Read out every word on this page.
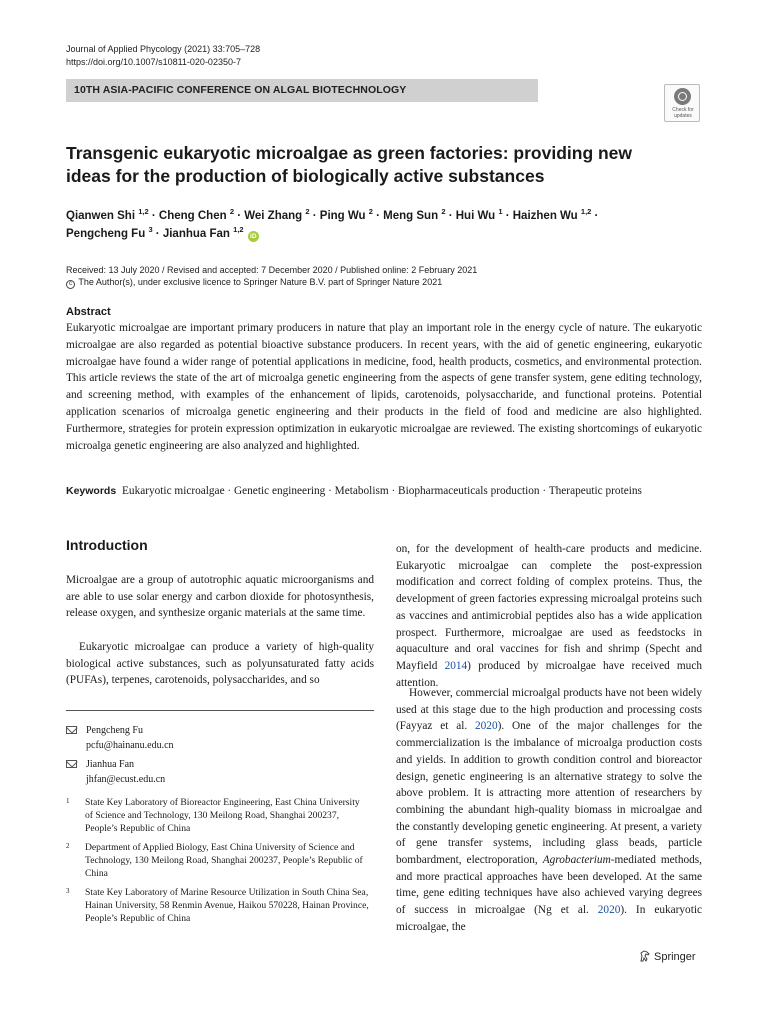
Journal of Applied Phycology (2021) 33:705–728
https://doi.org/10.1007/s10811-020-02350-7
10TH ASIA-PACIFIC CONFERENCE ON ALGAL BIOTECHNOLOGY
Check for updates
Transgenic eukaryotic microalgae as green factories: providing new ideas for the production of biologically active substances
Qianwen Shi $^{1,2}$ · Cheng Chen $^2$ · Wei Zhang $^2$ · Ping Wu $^2$ · Meng Sun $^2$ · Hui Wu $^1$ · Haizhen Wu $^{1,2}$ ·
Pengcheng Fu $^3$ · Jianhua Fan $^{1,2}$ iD
Received: 13 July 2020 / Revised and accepted: 7 December 2020 / Published online: 2 February 2021
c The Author(s), under exclusive licence to Springer Nature B.V. part of Springer Nature 2021
Abstract

Eukaryotic microalgae are important primary producers in nature that play an important role in the energy cycle of nature. The eukaryotic microalgae are also regarded as potential bioactive substance producers. In recent years, with the aid of genetic engineering, eukaryotic microalgae have found a wider range of potential applications in medicine, food, health products, cosmetics, and environmental protection. This article reviews the state of the art of microalga genetic engineering from the aspects of gene transfer system, gene editing technology, and screening method, with examples of the enhancement of lipids, carotenoids, polysaccharide, and functional proteins. Potential application scenarios of microalga genetic engineering and their products in the field of food and medicine are also highlighted. Furthermore, strategies for protein expression optimization in eukaryotic microalgae are reviewed. The existing shortcomings of eukaryotic microalga genetic engineering are also analyzed and highlighted.

Keywords Eukaryotic microalgae · Genetic engineering · Metabolism · Biopharmaceuticals production · Therapeutic proteins
Introduction

Microalgae are a group of autotrophic aquatic microorganisms and are able to use solar energy and carbon dioxide for photosynthesis, release oxygen, and synthesize organic materials at the same time.

Eukaryotic microalgae can produce a variety of high-quality biological active substances, such as polyunsaturated fatty acids (PUFAs), terpenes, carotenoids, polysaccharides, and so

Pengcheng Fu
pcfu@hainanu.edu.cn
Jianhua Fan
jhfan@ecust.edu.cn
1 State Key Laboratory of Bioreactor Engineering, East China University of Science and Technology, 130 Meilong Road, Shanghai 200237, People’s Republic of China
2 Department of Applied Biology, East China University of Science and Technology, 130 Meilong Road, Shanghai 200237, People’s Republic of China
3 State Key Laboratory of Marine Resource Utilization in South China Sea, Hainan University, 58 Renmin Avenue, Haikou 570228, Hainan Province, People’s Republic of China

on, for the development of health-care products and medicine. Eukaryotic microalgae can complete the post-expression modification and correct folding of complex proteins. Thus, the development of green factories expressing microalgal proteins such as vaccines and antimicrobial peptides also has a wide application prospect. Furthermore, microalgae are used as feedstocks in aquaculture and oral vaccines for fish and shrimp (Specht and Mayfield 2014) produced by microalgae have received much attention.

However, commercial microalgal products have not been widely used at this stage due to the high production and processing costs (Fayyaz et al. 2020). One of the major challenges for the commercialization is the imbalance of microalga production costs and yields. In addition to growth condition control and bioreactor design, genetic engineering is an alternative strategy to solve the above problem. It is attracting more attention of researchers by combining the abundant high-quality biomass in microalgae and the constantly developing genetic engineering. At present, a variety of gene transfer systems, including glass beads, particle bombardment, electroporation, Agrobacterium-mediated methods, and more practical approaches have been developed. At the same time, gene editing techniques have also achieved varying degrees of success in microalgae (Ng et al. 2020). In eukaryotic microalgae, the

Springer
